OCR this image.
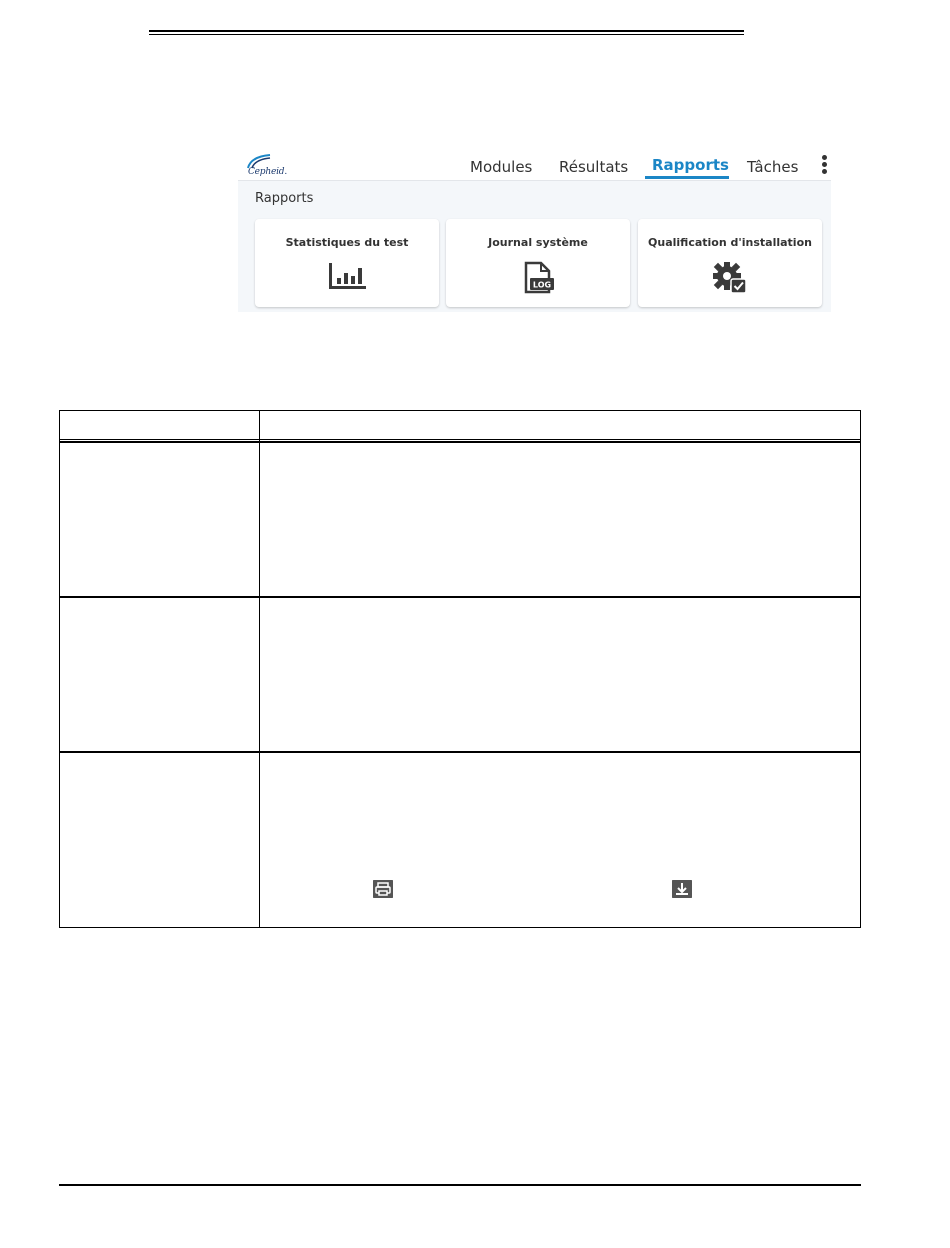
Cepheid.	Modules Résultats Rapports Tâches
Rapports
Statistiques du test	Journal système
LOG
Qualification d'installation
